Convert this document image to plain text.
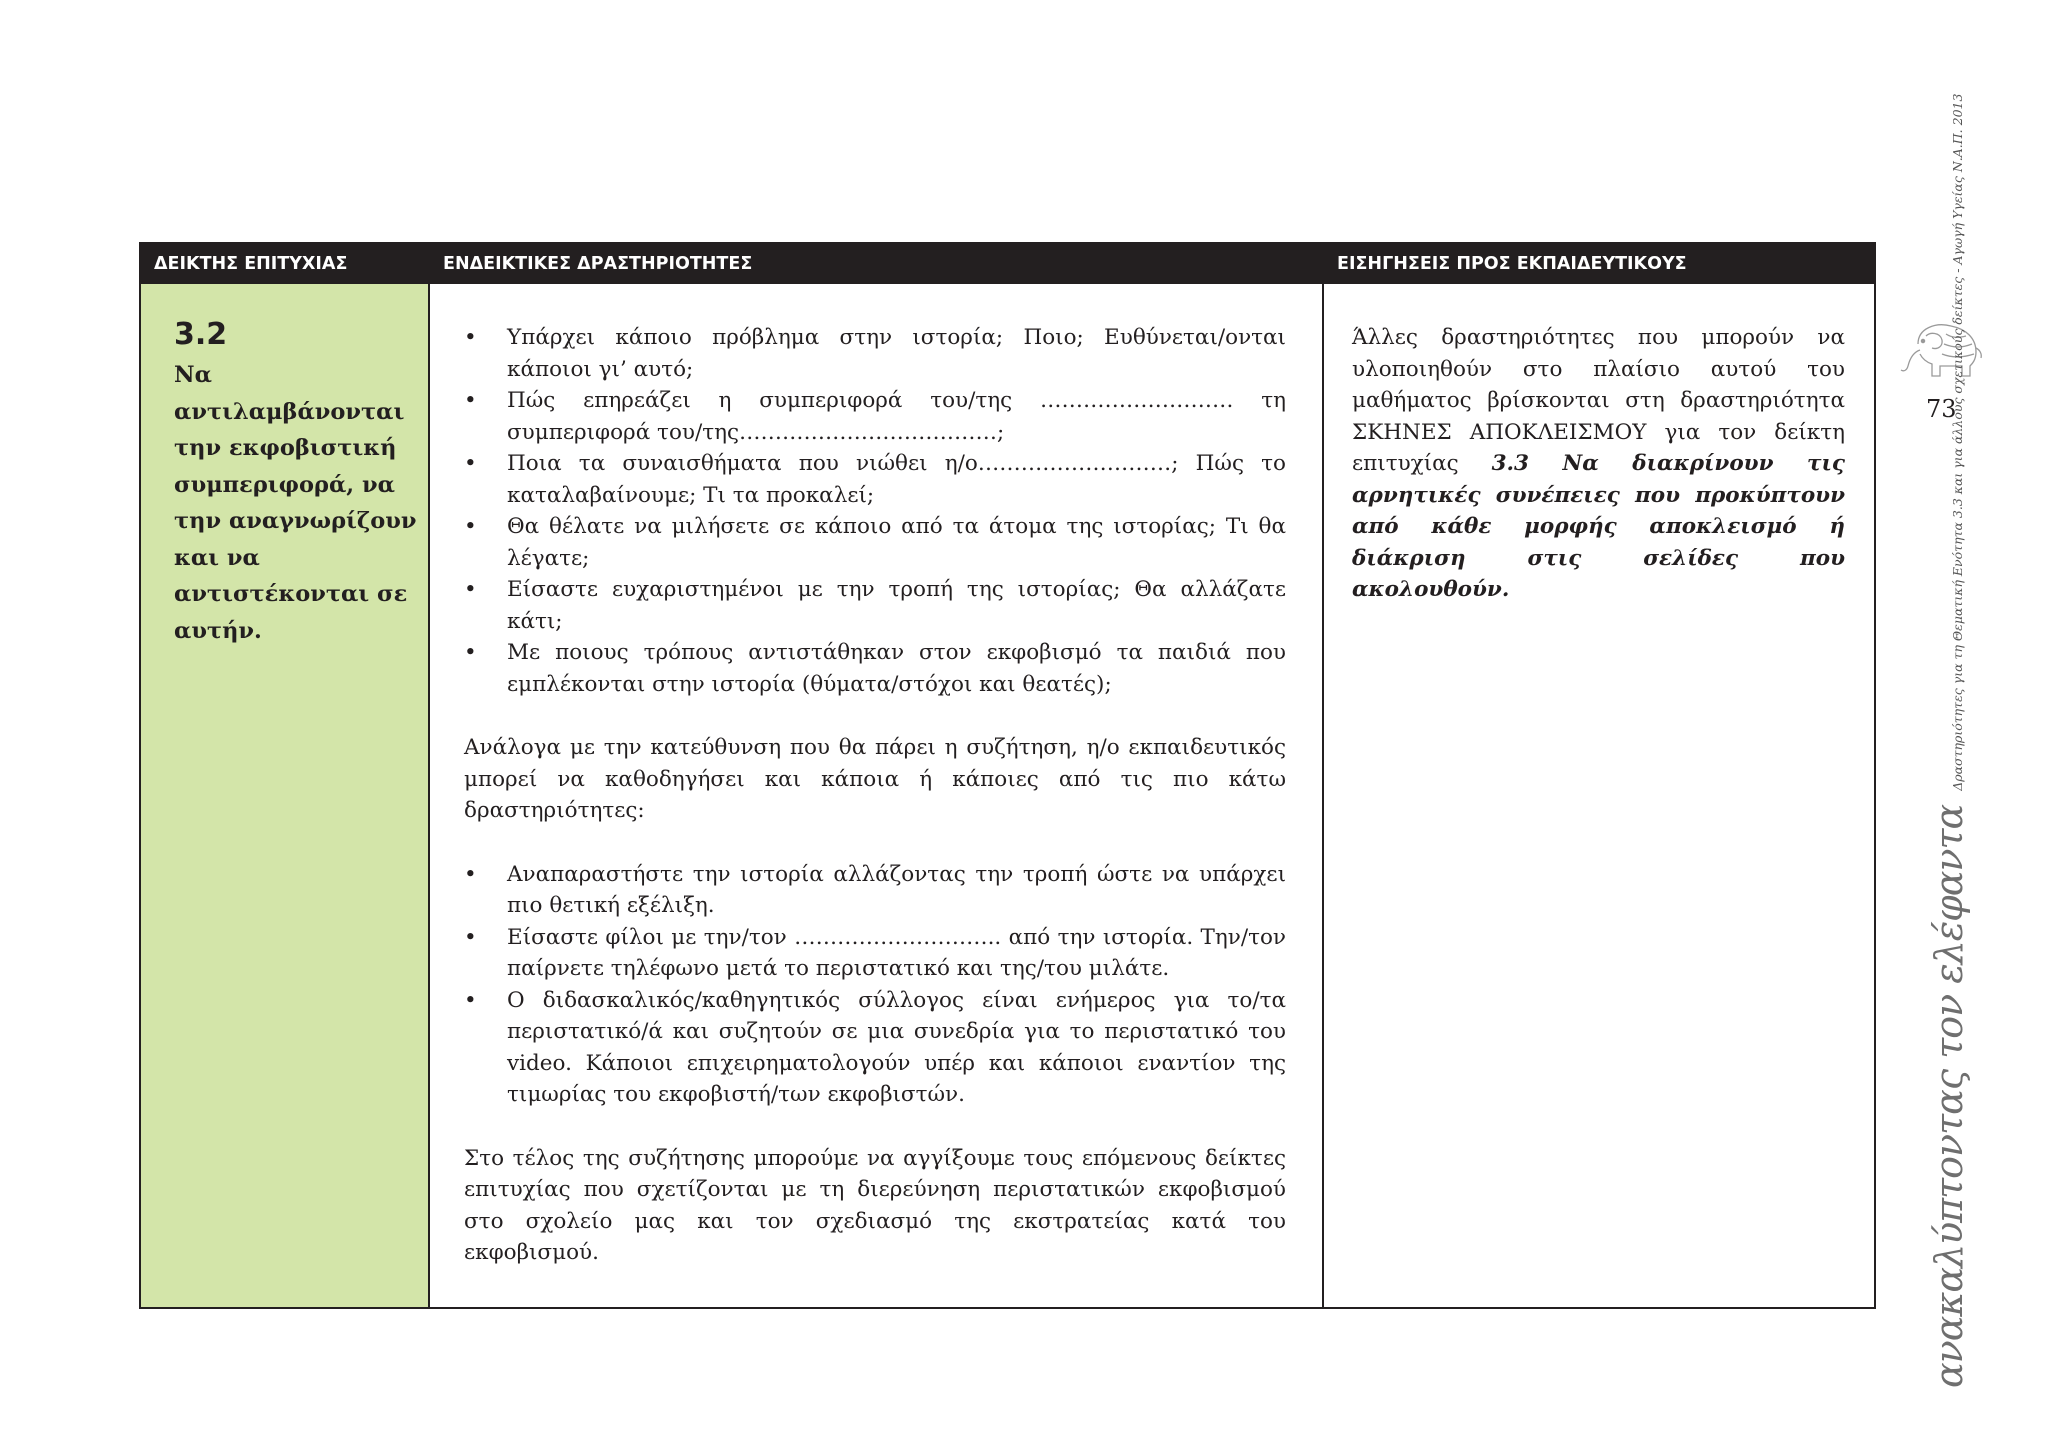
ΔΕΙΚΤΗΣ ΕΠΙΤΥΧΙΑΣ	ΕΝΔΕΙΚΤΙΚΕΣ ΔΡΑΣΤΗΡΙΟΤΗΤΕΣ	ΕΙΣΗΓΗΣΕΙΣ ΠΡΟΣ ΕΚΠΑΙΔΕΥΤΙΚΟΥΣ
3.2
Να αντιλαμβάνονται την εκφοβιστική συμπεριφορά, να την αναγνωρίζουν και να αντιστέκονται σε αυτήν.
• Υπάρχει κάποιο πρόβλημα στην ιστορία; Ποιο; Ευθύνεται/ονται κάποιοι γι’ αυτό;
• Πώς επηρεάζει η συμπεριφορά του/της ……………………… τη συμπεριφορά του/της………………………………;
• Ποια τα συναισθήματα που νιώθει η/ο………………………; Πώς το καταλαβαίνουμε; Τι τα προκαλεί;
• Θα θέλατε να μιλήσετε σε κάποιο από τα άτομα της ιστορίας; Τι θα λέγατε;
• Είσαστε ευχαριστημένοι με την τροπή της ιστορίας; Θα αλλάζατε κάτι;
• Με ποιους τρόπους αντιστάθηκαν στον εκφοβισμό τα παιδιά που εμπλέκονται στην ιστορία (θύματα/στόχοι και θεατές);

Ανάλογα με την κατεύθυνση που θα πάρει η συζήτηση, η/ο εκπαιδευτικός μπορεί να καθοδηγήσει και κάποια ή κάποιες από τις πιο κάτω δραστηριότητες:

• Αναπαραστήστε την ιστορία αλλάζοντας την τροπή ώστε να υπάρχει πιο θετική εξέλιξη.
• Είσαστε φίλοι με την/τον ……………………….. από την ιστορία. Την/τον παίρνετε τηλέφωνο μετά το περιστατικό και της/του μιλάτε.
• Ο διδασκαλικός/καθηγητικός σύλλογος είναι ενήμερος για το/τα περιστατικό/ά και συζητούν σε μια συνεδρία για το περιστατικό του video. Κάποιοι επιχειρηματολογούν υπέρ και κάποιοι εναντίον της τιμωρίας του εκφοβιστή/των εκφοβιστών.

Στο τέλος της συζήτησης μπορούμε να αγγίξουμε τους επόμενους δείκτες επιτυχίας που σχετίζονται με τη διερεύνηση περιστατικών εκφοβισμού στο σχολείο μας και τον σχεδιασμό της εκστρατείας κατά του εκφοβισμού.

Άλλες δραστηριότητες που μπορούν να υλοποιηθούν στο πλαίσιο αυτού του μαθήματος βρίσκονται στη δραστηριότητα ΣΚΗΝΕΣ ΑΠΟΚΛΕΙΣΜΟΥ για τον δείκτη επιτυχίας 3.3 Να διακρίνουν τις αρνητικές συνέπειες που προκύπτουν από κάθε μορφής αποκλεισμό ή διάκριση στις σελίδες που ακολουθούν.

73
ανακαλύπτοντας τον ελέφαντα
Δραστηριότητες για τη Θεματική Ενότητα 3.3 και για άλλους σχετικούς δείκτες - Αγωγή Υγείας Ν.Α.Π. 2013
